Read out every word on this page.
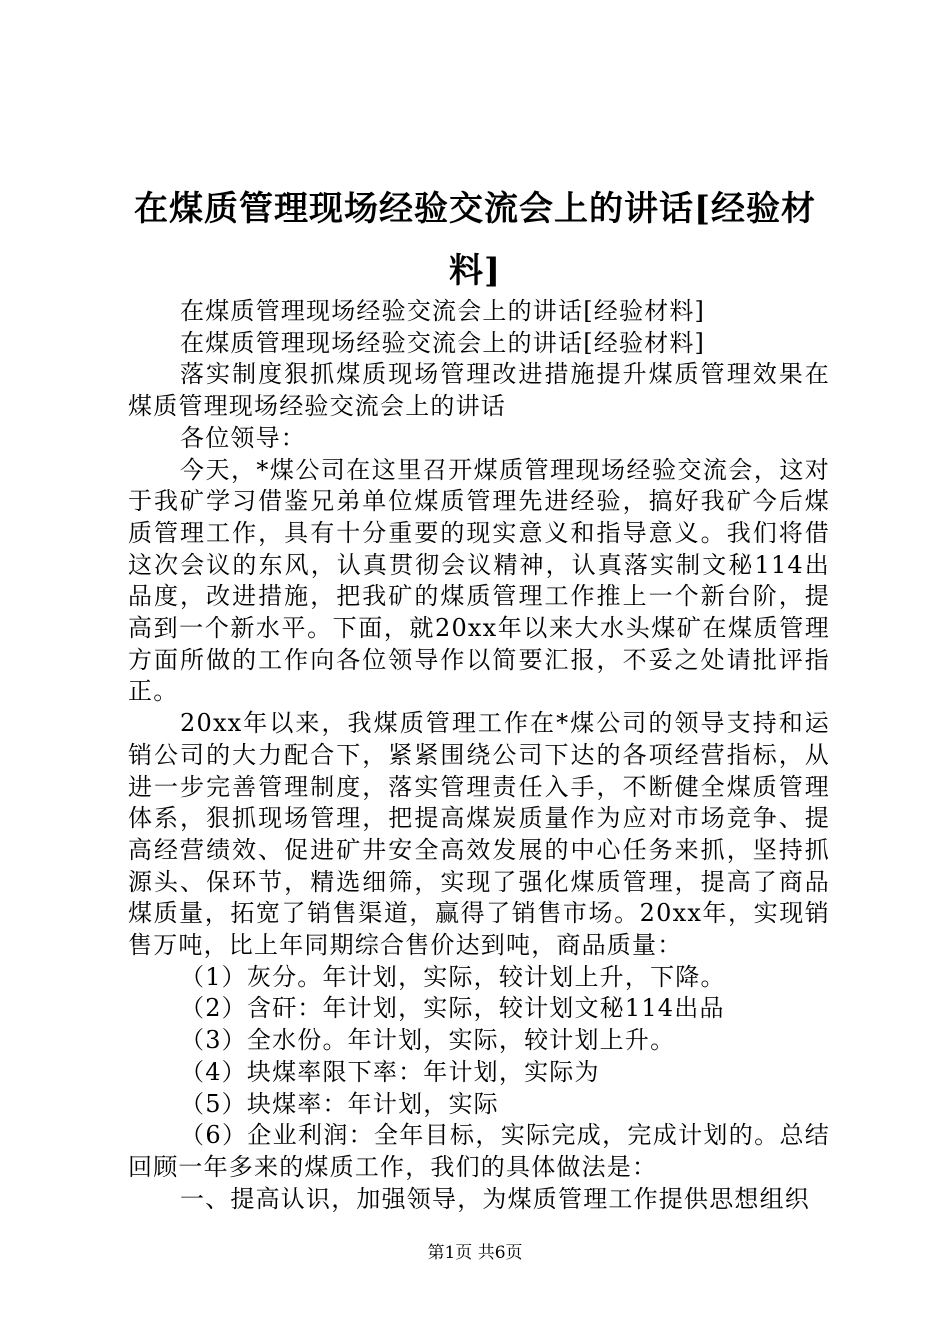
在煤质管理现场经验交流会上的讲话[经验材料]

在煤质管理现场经验交流会上的讲话[经验材料]

在煤质管理现场经验交流会上的讲话[经验材料]

落实制度狠抓煤质现场管理改进措施提升煤质管理效果在煤质管理现场经验交流会上的讲话

各位领导：

今天，*煤公司在这里召开煤质管理现场经验交流会，这对于我矿学习借鉴兄弟单位煤质管理先进经验，搞好我矿今后煤质管理工作，具有十分重要的现实意义和指导意义。我们将借这次会议的东风，认真贯彻会议精神，认真落实制文秘114出品度，改进措施，把我矿的煤质管理工作推上一个新台阶，提高到一个新水平。下面，就20xx年以来大水头煤矿在煤质管理方面所做的工作向各位领导作以简要汇报，不妥之处请批评指正。

20xx年以来，我煤质管理工作在*煤公司的领导支持和运销公司的大力配合下，紧紧围绕公司下达的各项经营指标，从进一步完善管理制度，落实管理责任入手，不断健全煤质管理体系，狠抓现场管理，把提高煤炭质量作为应对市场竞争、提高经营绩效、促进矿井安全高效发展的中心任务来抓，坚持抓源头、保环节，精选细筛，实现了强化煤质管理，提高了商品煤质量，拓宽了销售渠道，赢得了销售市场。20xx年，实现销售万吨，比上年同期综合售价达到吨，商品质量：

（1）灰分。年计划，实际，较计划上升，下降。

（2）含矸：年计划，实际，较计划文秘114出品

（3）全水份。年计划，实际，较计划上升。

（4）块煤率限下率：年计划，实际为

（5）块煤率：年计划，实际

（6）企业利润：全年目标，实际完成，完成计划的。总结回顾一年多来的煤质工作，我们的具体做法是：

一、提高认识，加强领导，为煤质管理工作提供思想组织

第1页 共6页
